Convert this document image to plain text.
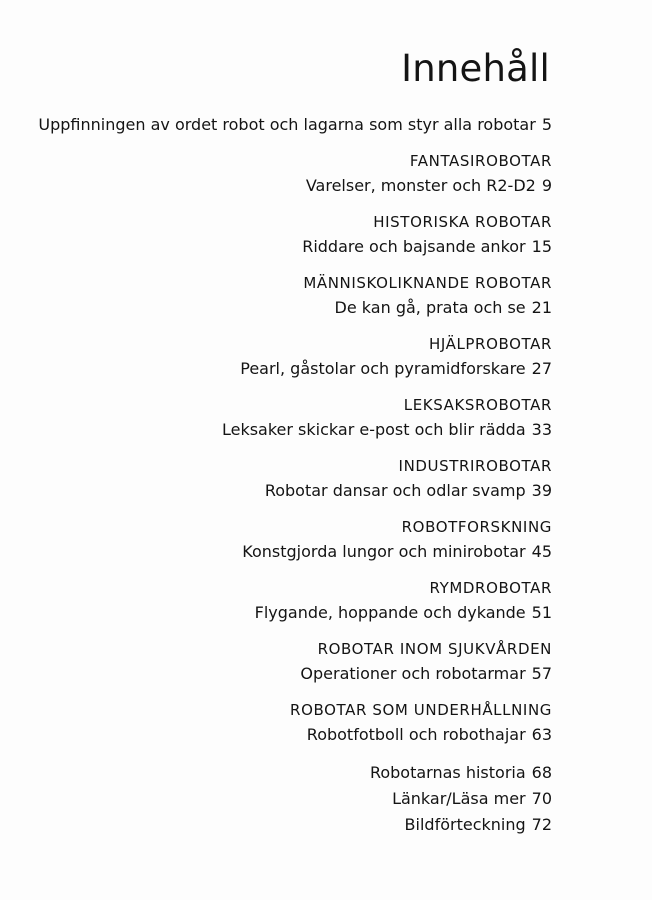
Innehåll
Uppfinningen av ordet robot och lagarna som styr alla robotar 5
FANTASIROBOTAR
Varelser, monster och R2-D2 9
HISTORISKA ROBOTAR
Riddare och bajsande ankor 15
MÄNNISKOLIKNANDE ROBOTAR
De kan gå, prata och se 21
HJÄLPROBOTAR
Pearl, gåstolar och pyramidforskare 27
LEKSAKSROBOTAR
Leksaker skickar e-post och blir rädda 33
INDUSTRIROBOTAR
Robotar dansar och odlar svamp 39
ROBOTFORSKNING
Konstgjorda lungor och minirobotar 45
RYMDROBOTAR
Flygande, hoppande och dykande 51
ROBOTAR INOM SJUKVÅRDEN
Operationer och robotarmar 57
ROBOTAR SOM UNDERHÅLLNING
Robotfotboll och robothajar 63
Robotarnas historia 68
Länkar/Läsa mer 70
Bildförteckning 72
